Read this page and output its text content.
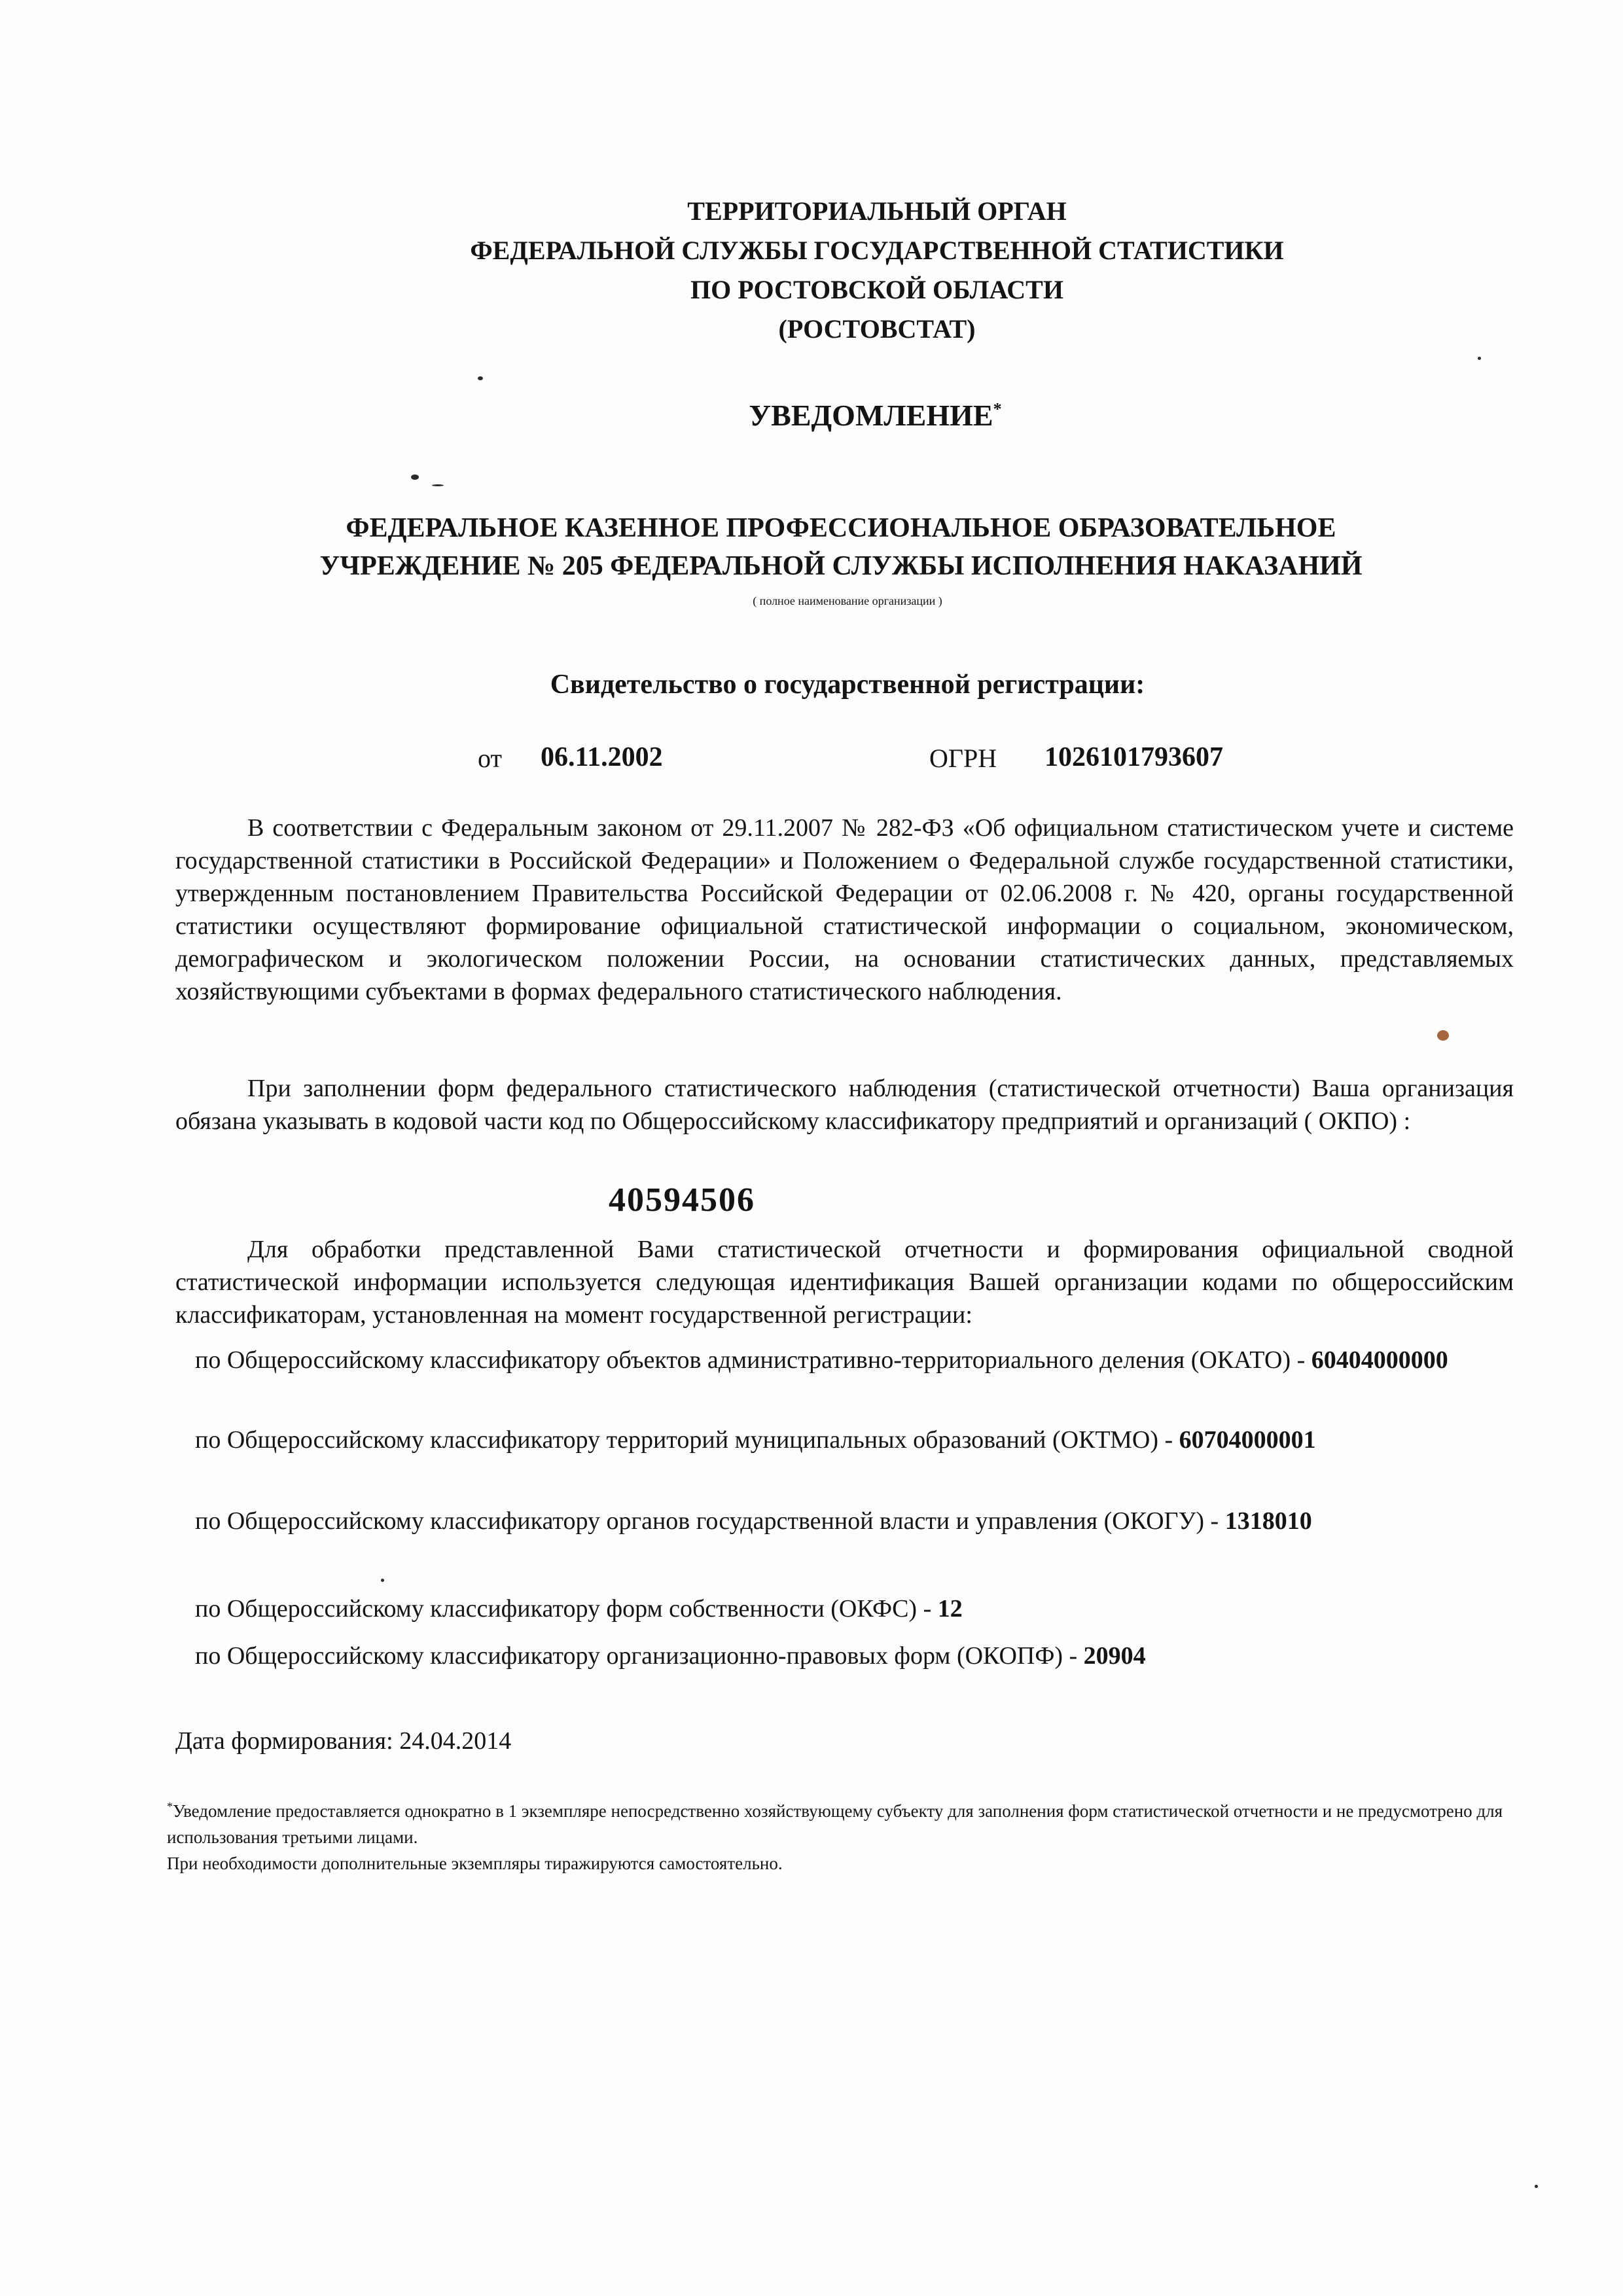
ТЕРРИТОРИАЛЬНЫЙ ОРГАН
ФЕДЕРАЛЬНОЙ СЛУЖБЫ ГОСУДАРСТВЕННОЙ СТАТИСТИКИ
ПО РОСТОВСКОЙ ОБЛАСТИ
(РОСТОВСТАТ)
УВЕДОМЛЕНИЕ*
ФЕДЕРАЛЬНОЕ КАЗЕННОЕ ПРОФЕССИОНАЛЬНОЕ ОБРАЗОВАТЕЛЬНОЕ
УЧРЕЖДЕНИЕ № 205 ФЕДЕРАЛЬНОЙ СЛУЖБЫ ИСПОЛНЕНИЯ НАКАЗАНИЙ
( полное наименование организации )
Свидетельство о государственной регистрации:
от 06.11.2002	ОГРН 1026101793607
В соответствии с Федеральным законом от 29.11.2007 № 282-ФЗ «Об официальном статистическом учете и системе государственной статистики в Российской Федерации» и Положением о Федеральной службе государственной статистики, утвержденным постановлением Правительства Российской Федерации от 02.06.2008 г. № 420, органы государственной статистики осуществляют формирование официальной статистической информации о социальном, экономическом, демографическом и экологическом положении России, на основании статистических данных, представляемых хозяйствующими субъектами в формах федерального статистического наблюдения.
При заполнении форм федерального статистического наблюдения (статистической отчетности) Ваша организация обязана указывать в кодовой части код по Общероссийскому классификатору предприятий и организаций ( ОКПО) :
40594506
Для обработки представленной Вами статистической отчетности и формирования официальной сводной статистической информации используется следующая идентификация Вашей организации кодами по общероссийским классификаторам, установленная на момент государственной регистрации:
по Общероссийскому классификатору объектов административно-территориального деления (ОКАТО) - 60404000000
по Общероссийскому классификатору территорий муниципальных образований (ОКТМО) - 60704000001
по Общероссийскому классификатору органов государственной власти и управления (ОКОГУ) - 1318010
по Общероссийскому классификатору форм собственности (ОКФС) - 12
по Общероссийскому классификатору организационно-правовых форм (ОКОПФ) - 20904
Дата формирования: 24.04.2014
*Уведомление предоставляется однократно в 1 экземпляре непосредственно хозяйствующему субъекту для заполнения форм статистической отчетности и не предусмотрено для использования третьими лицами.
При необходимости дополнительные экземпляры тиражируются самостоятельно.
